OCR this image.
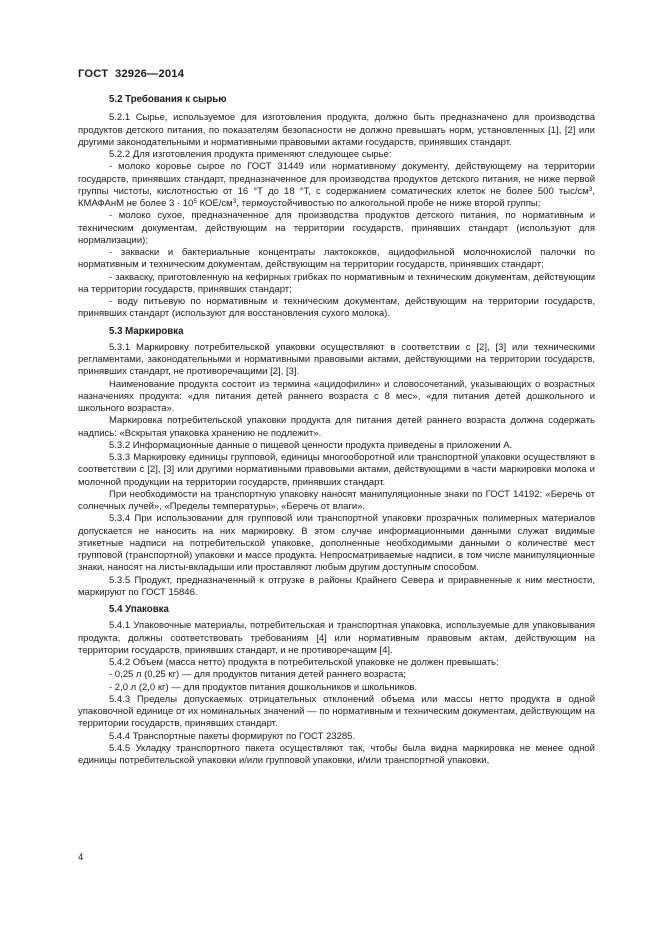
ГОСТ  32926—2014
5.2 Требования к сырью

5.2.1 Сырье, используемое для изготовления продукта, должно быть предназначено для производства продуктов детского питания, по показателям безопасности не должно превышать норм, установленных [1], [2] или другими законодательными и нормативными правовыми актами государств, принявших стандарт.

5.2.2 Для изготовления продукта применяют следующее сырье:

- молоко коровье сырое по ГОСТ 31449 или нормативному документу, действующему на территории государств, принявших стандарт, предназначенное для производства продуктов детского питания, не ниже первой группы чистоты, кислотностью от 16 °Т до 18 °Т, с содержанием соматических клеток не более 500 тыс/$см^3$, КМАФАнМ не более $3 \cdot 10^5$ КОЕ/$см^3$, термоустойчивостью по алкогольной пробе не ниже второй группы;

- молоко сухое, предназначенное для производства продуктов детского питания, по нормативным и техническим документам, действующим на территории государств, принявших стандарт (используют для нормализации);

- закваски и бактериальные концентраты лактококков, ацидофильной молочнокислой палочки по нормативным и техническим документам, действующим на территории государств, принявших стандарт;

- закваску, приготовленную на кефирных грибках по нормативным и техническим документам, действующим на территории государств, принявших стандарт;

- воду питьевую по нормативным и техническим документам, действующим на территории государств, принявших стандарт (используют для восстановления сухого молока).

5.3 Маркировка

5.3.1 Маркировку потребительской упаковки осуществляют в соответствии с [2], [3] или техническими регламентами, законодательными и нормативными правовыми актами, действующими на территории государств, принявших стандарт, не противоречащими [2], [3].

Наименование продукта состоит из термина «ацидофилин» и словосочетаний, указывающих о возрастных назначениях продукта: «для питания детей раннего возраста с 8 мес», «для питания детей дошкольного и школьного возраста».

Маркировка потребительской упаковки продукта для питания детей раннего возраста должна содержать надпись: «Вскрытая упаковка хранению не подлежит».

5.3.2 Информационные данные о пищевой ценности продукта приведены в приложении А.

5.3.3 Маркировку единицы групповой, единицы многооборотной или транспортной упаковки осуществляют в соответствии с [2], [3] или другими нормативными правовыми актами, действующими в части маркировки молока и молочной продукции на территории государств, принявших стандарт.

При необходимости на транспортную упаковку наносят манипуляционные знаки по ГОСТ 14192: «Беречь от солнечных лучей», «Пределы температуры», «Беречь от влаги».

5.3.4 При использовании для групповой или транспортной упаковки прозрачных полимерных материалов допускается не наносить на них маркировку. В этом случае информационными данными служат видимые этикетные надписи на потребительской упаковке, дополненные необходимыми данными о количестве мест групповой (транспортной) упаковки и массе продукта. Непросматриваемые надписи, в том числе манипуляционные знаки, наносят на листы-вкладыши или проставляют любым другим доступным способом.

5.3.5 Продукт, предназначенный к отгрузке в районы Крайнего Севера и приравненные к ним местности, маркируют по ГОСТ 15846.

5.4 Упаковка

5.4.1 Упаковочные материалы, потребительская и транспортная упаковка, используемые для упаковывания продукта, должны соответствовать требованиям [4] или нормативным правовым актам, действующим на территории государств, принявших стандарт, и не противоречащим [4].

5.4.2 Объем (масса нетто) продукта в потребительской упаковке не должен превышать:

- 0,25 л (0,25 кг) — для продуктов питания детей раннего возраста;

- 2,0 л (2,0 кг) — для продуктов питания дошкольников и школьников.

5.4.3 Пределы допускаемых отрицательных отклонений объема или массы нетто продукта в одной упаковочной единице от их номинальных значений — по нормативным и техническим документам, действующим на территории государств, принявших стандарт.

5.4.4 Транспортные пакеты формируют по ГОСТ 23285.

5.4.5 Укладку транспортного пакета осуществляют так, чтобы была видна маркировка не менее одной единицы потребительской упаковки и/или групповой упаковки, и/или транспортной упаковки,

4
